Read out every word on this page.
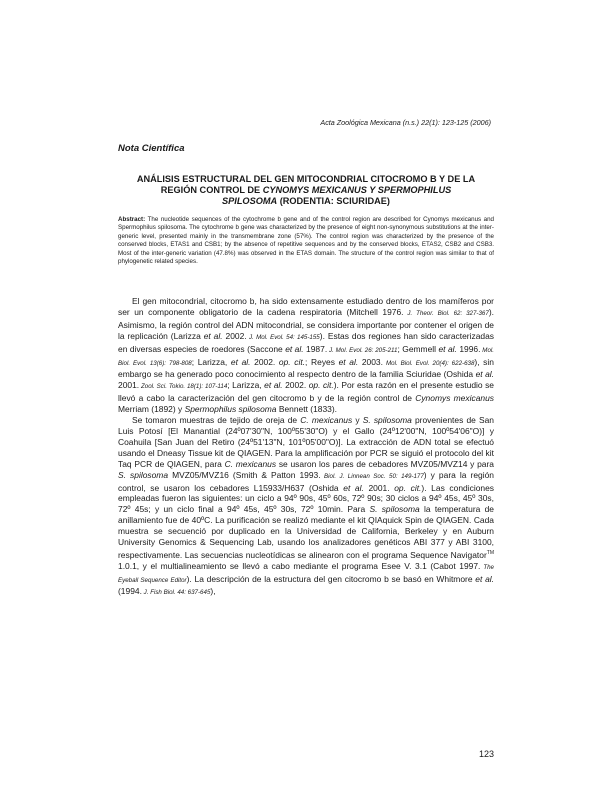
Acta Zoológica Mexicana (n.s.) 22(1): 123-125 (2006)
Nota Científica
ANÁLISIS ESTRUCTURAL DEL GEN MITOCONDRIAL CITOCROMO B Y DE LA
REGIÓN CONTROL DE CYNOMYS MEXICANUS Y SPERMOPHILUS
SPILOSOMA (RODENTIA: SCIURIDAE)
Abstract: The nucleotide sequences of the cytochrome b gene and of the control region are described for Cynomys mexicanus and Spermophilus spilosoma. The cytochrome b gene was characterized by the presence of eight non-synonymous substitutions at the inter-generic level, presented mainly in the transmembrane zone (57%). The control region was characterized by the presence of the conserved blocks, ETAS1 and CSB1; by the absence of repetitive sequences and by the conserved blocks, ETAS2, CSB2 and CSB3. Most of the inter-generic variation (47.8%) was observed in the ETAS domain. The structure of the control region was similar to that of phylogenetic related species.

El gen mitocondrial, citocromo b, ha sido extensamente estudiado dentro de los mamíferos por ser un componente obligatorio de la cadena respiratoria (Mitchell 1976. J. Theor. Biol. 62: 327-367). Asimismo, la región control del ADN mitocondrial, se considera importante por contener el origen de la replicación (Larizza et al. 2002. J. Mol. Evol. 54: 145-155). Estas dos regiones han sido caracterizadas en diversas especies de roedores (Saccone et al. 1987. J. Mol. Evol. 26: 205-211; Gemmell et al. 1996. Mol. Biol. Evol. 13(6): 798-808; Larizza, et al. 2002. op. cit.; Reyes et al. 2003. Mol. Biol. Evol. 20(4): 622-638), sin embargo se ha generado poco conocimiento al respecto dentro de la familia Sciuridae (Oshida et al. 2001. Zool. Sci. Tokio. 18(1): 107-114; Larizza, et al. 2002. op. cit.). Por esta razón en el presente estudio se llevó a cabo la caracterización del gen citocromo b y de la región control de Cynomys mexicanus Merriam (1892) y Spermophilus spilosoma Bennett (1833).

Se tomaron muestras de tejido de oreja de C. mexicanus y S. spilosoma provenientes de San Luis Potosí [El Manantial (24º07'30"N, 100º55'30"O) y el Gallo (24º12'00"N, 100º54'06"O)] y Coahuila [San Juan del Retiro (24º51'13"N, 101º05'00"O)]. La extracción de ADN total se efectuó usando el Dneasy Tissue kit de QIAGEN. Para la amplificación por PCR se siguió el protocolo del kit Taq PCR de QIAGEN, para C. mexicanus se usaron los pares de cebadores MVZ05/MVZ14 y para S. spilosoma MVZ05/MVZ16 (Smith & Patton 1993. Biol. J. Linnean Soc. 50: 149-177) y para la región control, se usaron los cebadores L15933/H637 (Oshida et al. 2001. op. cit.). Las condiciones empleadas fueron las siguientes: un ciclo a 94º 90s, 45º 60s, 72º 90s; 30 ciclos a 94º 45s, 45º 30s, 72º 45s; y un ciclo final a 94º 45s, 45º 30s, 72º 10min. Para S. spilosoma la temperatura de anillamiento fue de 40ºC. La purificación se realizó mediante el kit QIAquick Spin de QIAGEN. Cada muestra se secuenció por duplicado en la Universidad de California, Berkeley y en Auburn University Genomics & Sequencing Lab, usando los analizadores genéticos ABI 377 y ABI 3100, respectivamente. Las secuencias nucleotídicas se alinearon con el programa Sequence Navigator™ 1.0.1, y el multialineamiento se llevó a cabo mediante el programa Esee V. 3.1 (Cabot 1997. The Eyeball Sequence Editor). La descripción de la estructura del gen citocromo b se basó en Whitmore et al. (1994. J. Fish Biol. 44: 637-645),

123
